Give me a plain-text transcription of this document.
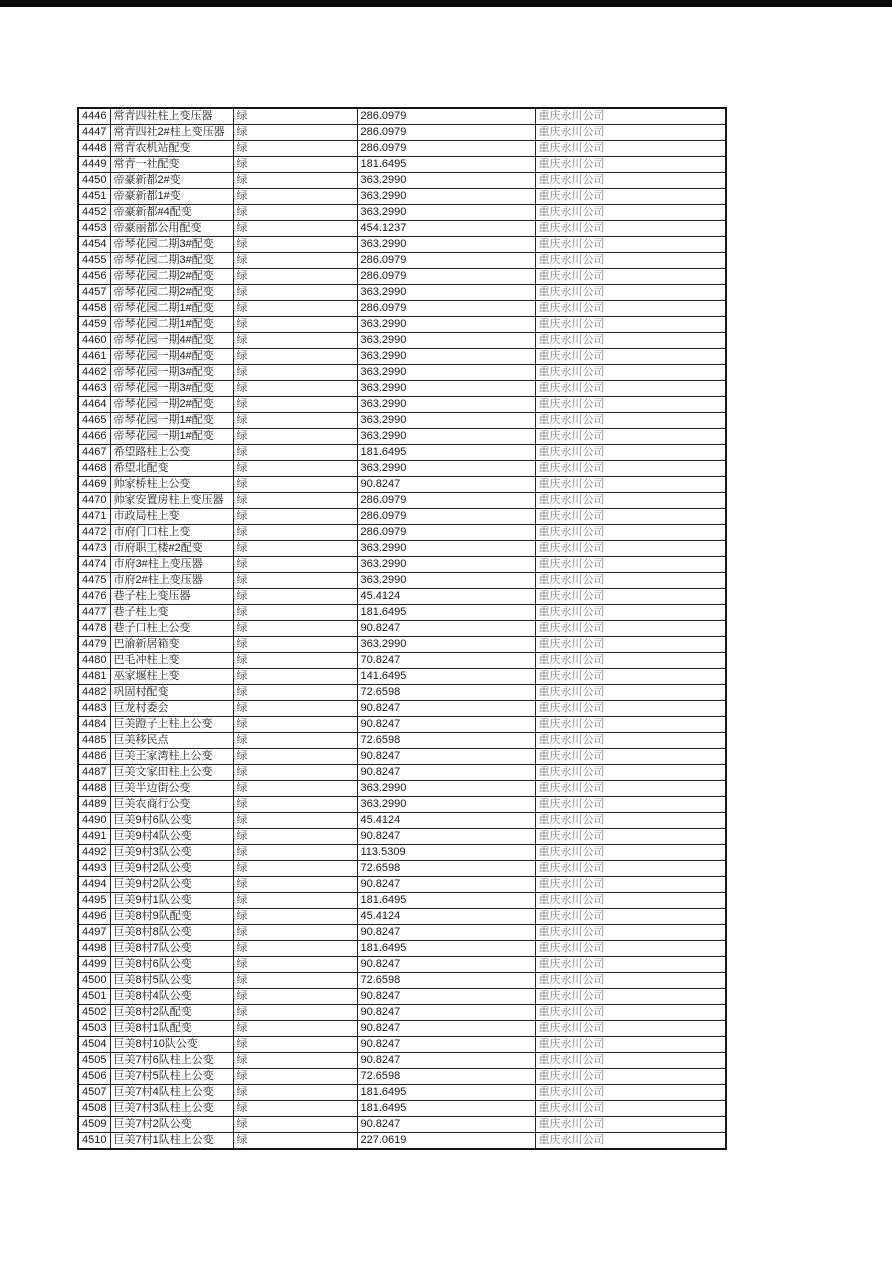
4446	常青四社柱上变压器	绿	286.0979	重庆永川公司
4447	常青四社2#柱上变压器	绿	286.0979	重庆永川公司
4448	常青农机站配变	绿	286.0979	重庆永川公司
4449	常青一社配变	绿	181.6495	重庆永川公司
4450	帝豪新都2#变	绿	363.2990	重庆永川公司
4451	帝豪新都1#变	绿	363.2990	重庆永川公司
4452	帝豪新都#4配变	绿	363.2990	重庆永川公司
4453	帝豪丽都公用配变	绿	454.1237	重庆永川公司
4454	帝琴花园二期3#配变	绿	363.2990	重庆永川公司
4455	帝琴花园二期3#配变	绿	286.0979	重庆永川公司
4456	帝琴花园二期2#配变	绿	286.0979	重庆永川公司
4457	帝琴花园二期2#配变	绿	363.2990	重庆永川公司
4458	帝琴花园二期1#配变	绿	286.0979	重庆永川公司
4459	帝琴花园二期1#配变	绿	363.2990	重庆永川公司
4460	帝琴花园一期4#配变	绿	363.2990	重庆永川公司
4461	帝琴花园一期4#配变	绿	363.2990	重庆永川公司
4462	帝琴花园一期3#配变	绿	363.2990	重庆永川公司
4463	帝琴花园一期3#配变	绿	363.2990	重庆永川公司
4464	帝琴花园一期2#配变	绿	363.2990	重庆永川公司
4465	帝琴花园一期1#配变	绿	363.2990	重庆永川公司
4466	帝琴花园一期1#配变	绿	363.2990	重庆永川公司
4467	希望路柱上公变	绿	181.6495	重庆永川公司
4468	希望北配变	绿	363.2990	重庆永川公司
4469	帅家桥柱上公变	绿	90.8247	重庆永川公司
4470	帅家安置房柱上变压器	绿	286.0979	重庆永川公司
4471	市政局柱上变	绿	286.0979	重庆永川公司
4472	市府门口柱上变	绿	286.0979	重庆永川公司
4473	市府职工楼#2配变	绿	363.2990	重庆永川公司
4474	市府3#柱上变压器	绿	363.2990	重庆永川公司
4475	市府2#柱上变压器	绿	363.2990	重庆永川公司
4476	巷子柱上变压器	绿	45.4124	重庆永川公司
4477	巷子柱上变	绿	181.6495	重庆永川公司
4478	巷子口柱上公变	绿	90.8247	重庆永川公司
4479	巴渝新居箱变	绿	363.2990	重庆永川公司
4480	巴毛冲柱上变	绿	70.8247	重庆永川公司
4481	巫家堰柱上变	绿	141.6495	重庆永川公司
4482	巩固村配变	绿	72.6598	重庆永川公司
4483	巨龙村委会	绿	90.8247	重庆永川公司
4484	巨美蹬子上柱上公变	绿	90.8247	重庆永川公司
4485	巨美移民点	绿	72.6598	重庆永川公司
4486	巨美王家湾柱上公变	绿	90.8247	重庆永川公司
4487	巨美文家田柱上公变	绿	90.8247	重庆永川公司
4488	巨美半边街公变	绿	363.2990	重庆永川公司
4489	巨美农商行公变	绿	363.2990	重庆永川公司
4490	巨美9村6队公变	绿	45.4124	重庆永川公司
4491	巨美9村4队公变	绿	90.8247	重庆永川公司
4492	巨美9村3队公变	绿	113.5309	重庆永川公司
4493	巨美9村2队公变	绿	72.6598	重庆永川公司
4494	巨美9村2队公变	绿	90.8247	重庆永川公司
4495	巨美9村1队公变	绿	181.6495	重庆永川公司
4496	巨美8村9队配变	绿	45.4124	重庆永川公司
4497	巨美8村8队公变	绿	90.8247	重庆永川公司
4498	巨美8村7队公变	绿	181.6495	重庆永川公司
4499	巨美8村6队公变	绿	90.8247	重庆永川公司
4500	巨美8村5队公变	绿	72.6598	重庆永川公司
4501	巨美8村4队公变	绿	90.8247	重庆永川公司
4502	巨美8村2队配变	绿	90.8247	重庆永川公司
4503	巨美8村1队配变	绿	90.8247	重庆永川公司
4504	巨美8村10队公变	绿	90.8247	重庆永川公司
4505	巨美7村6队柱上公变	绿	90.8247	重庆永川公司
4506	巨美7村5队柱上公变	绿	72.6598	重庆永川公司
4507	巨美7村4队柱上公变	绿	181.6495	重庆永川公司
4508	巨美7村3队柱上公变	绿	181.6495	重庆永川公司
4509	巨美7村2队公变	绿	90.8247	重庆永川公司
4510	巨美7村1队柱上公变	绿	227.0619	重庆永川公司
